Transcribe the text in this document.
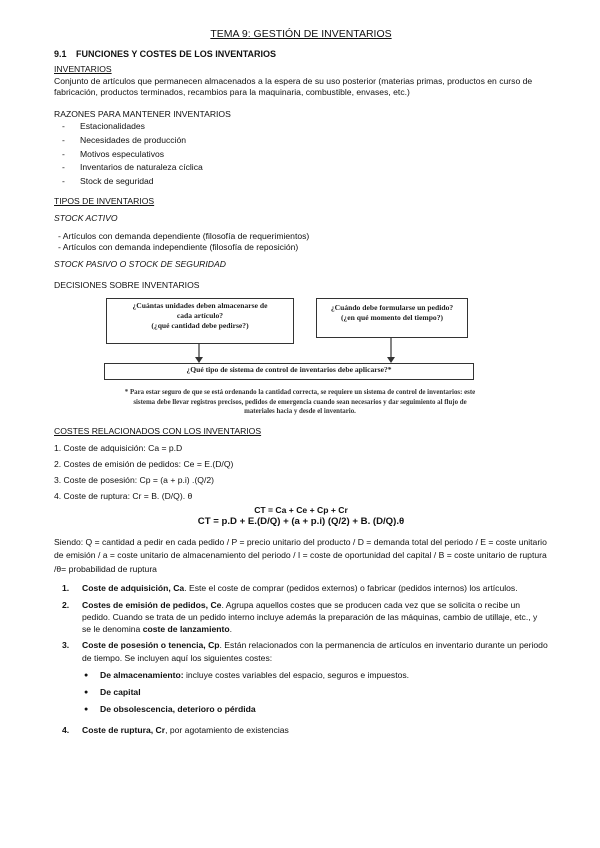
TEMA 9: GESTIÓN DE INVENTARIOS
9.1 FUNCIONES Y COSTES DE LOS INVENTARIOS
INVENTARIOS
Conjunto de artículos que permanecen almacenados a la espera de su uso posterior (materias primas, productos en curso de fabricación, productos terminados, recambios para la maquinaria, combustible, envases, etc.)
RAZONES PARA MANTENER INVENTARIOS
- Estacionalidades
- Necesidades de producción
- Motivos especulativos
- Inventarios de naturaleza cíclica
- Stock de seguridad
TIPOS DE INVENTARIOS
STOCK ACTIVO
- Artículos con demanda dependiente (filosofía de requerimientos)
- Artículos con demanda independiente (filosofía de reposición)
STOCK PASIVO O STOCK DE SEGURIDAD
DECISIONES SOBRE INVENTARIOS
¿Cuántas unidades deben almacenarse de
cada artículo?
(¿qué cantidad debe pedirse?)
¿Cuándo debe formularse un pedido?
(¿en qué momento del tiempo?)
¿Qué tipo de sistema de control de inventarios debe aplicarse?*
* Para estar seguro de que se está ordenando la cantidad correcta, se requiere un sistema de control de inventarios: este sistema debe llevar registros precisos, pedidos de emergencia cuando sean necesarios y dar seguimiento al flujo de materiales hacia y desde el inventario.
COSTES RELACIONADOS CON LOS INVENTARIOS
1. Coste de adquisición: Ca = p.D
2. Costes de emisión de pedidos: Ce = E.(D/Q)
3. Coste de posesión: Cp = (a + p.i) .(Q/2)
4. Coste de ruptura: Cr = B. (D/Q). θ
CT = Ca + Ce + Cp + Cr
CT = p.D + E.(D/Q) + (a + p.i) (Q/2) + B. (D/Q).θ
Siendo: Q = cantidad a pedir en cada pedido / P = precio unitario del producto / D = demanda total del periodo / E = coste unitario de emisión / a = coste unitario de almacenamiento del periodo / I = coste de oportunidad del capital / B = coste unitario de ruptura /θ= probabilidad de ruptura
1. Coste de adquisición, Ca. Este el coste de comprar (pedidos externos) o fabricar (pedidos internos) los artículos.
2. Costes de emisión de pedidos, Ce. Agrupa aquellos costes que se producen cada vez que se solicita o recibe un pedido. Cuando se trata de un pedido interno incluye además la preparación de las máquinas, cambio de utillaje, etc., y se le denomina coste de lanzamiento.
3. Coste de posesión o tenencia, Cp. Están relacionados con la permanencia de artículos en inventario durante un periodo de tiempo. Se incluyen aquí los siguientes costes:
● De almacenamiento: incluye costes variables del espacio, seguros e impuestos.
● De capital
● De obsolescencia, deterioro o pérdida
4. Coste de ruptura, Cr, por agotamiento de existencias
